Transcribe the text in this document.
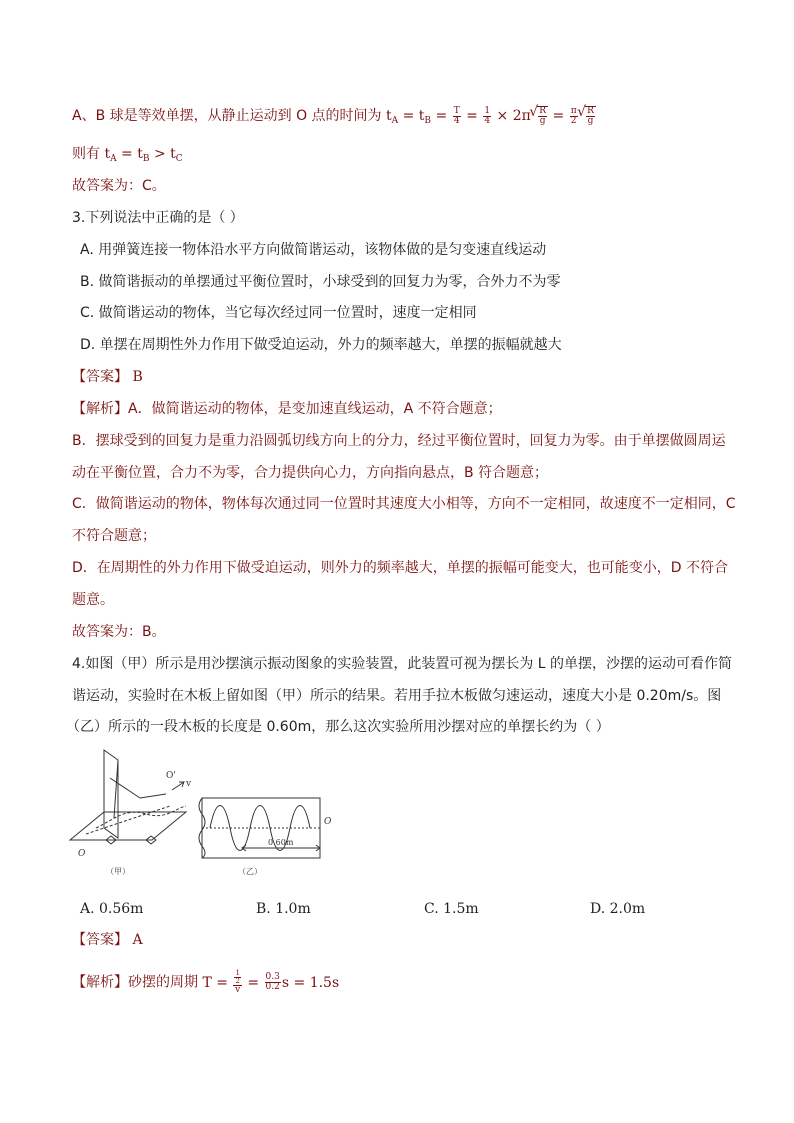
A、B 球是等效单摆，从静止运动到 O 点的时间为 $t_A = t_B = \frac{T}{4} = \frac{1}{4} \times 2\pi$ √ $\frac{R}{g} = \frac{\pi}{2}$
√ $\frac{R}{g}$
则有 $t_A = t_B > t_C$
故答案为：C。
3.下列说法中正确的是（ ）
A. 用弹簧连接一物体沿水平方向做简谐运动，该物体做的是匀变速直线运动
B. 做简谐振动的单摆通过平衡位置时，小球受到的回复力为零，合外力不为零
C. 做简谐运动的物体，当它每次经过同一位置时，速度一定相同
D. 单摆在周期性外力作用下做受迫运动，外力的频率越大，单摆的振幅就越大
【答案】 B
【解析】A．做简谐运动的物体，是变加速直线运动，A 不符合题意；
B．摆球受到的回复力是重力沿圆弧切线方向上的分力，经过平衡位置时，回复力为零。由于单摆做圆周运
动在平衡位置，合力不为零，合力提供向心力，方向指向悬点，B 符合题意；
C．做简谐运动的物体，物体每次通过同一位置时其速度大小相等，方向不一定相同，故速度不一定相同，C
不符合题意；
D．在周期性的外力作用下做受迫运动，则外力的频率越大，单摆的振幅可能变大，也可能变小，D 不符合
题意。
故答案为：B。
4.如图（甲）所示是用沙摆演示振动图象的实验装置，此装置可视为摆长为 L 的单摆，沙摆的运动可看作简
谐运动，实验时在木板上留如图（甲）所示的结果。若用手拉木板做匀速运动，速度大小是 0.20m/s。图
（乙）所示的一段木板的长度是 0.60m，那么这次实验所用沙摆对应的单摆长约为（ ）
O'
v
O
O
0.60m
（甲）	（乙）
A. 0.56m	B. 1.0m	C. 1.5m	D. 2.0m
【答案】 A
【解析】砂摆的周期 $T = \frac{\frac{1}{2}}{v} = \frac{0.3}{0.2}$ s = 1.5s
